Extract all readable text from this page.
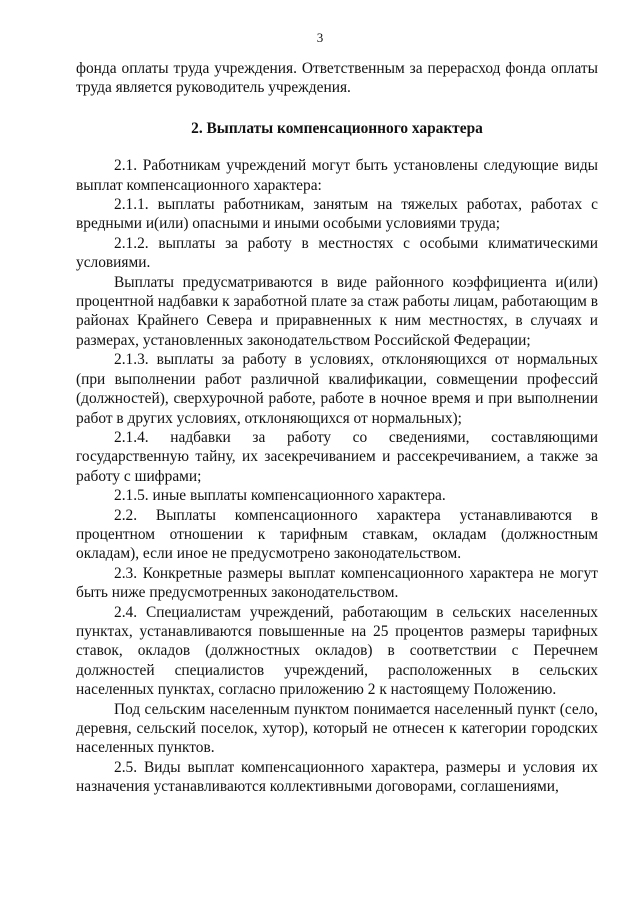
3

фонда оплаты труда учреждения. Ответственным за перерасход фонда оплаты труда является руководитель учреждения.

2. Выплаты компенсационного характера

2.1. Работникам учреждений могут быть установлены следующие виды выплат компенсационного характера:

2.1.1. выплаты работникам, занятым на тяжелых работах, работах с вредными и(или) опасными и иными особыми условиями труда;

2.1.2. выплаты за работу в местностях с особыми климатическими условиями.

Выплаты предусматриваются в виде районного коэффициента и(или) процентной надбавки к заработной плате за стаж работы лицам, работающим в районах Крайнего Севера и приравненных к ним местностях, в случаях и размерах, установленных законодательством Российской Федерации;

2.1.3. выплаты за работу в условиях, отклоняющихся от нормальных (при выполнении работ различной квалификации, совмещении профессий (должностей), сверхурочной работе, работе в ночное время и при выполнении работ в других условиях, отклоняющихся от нормальных);

2.1.4. надбавки за работу со сведениями, составляющими государственную тайну, их засекречиванием и рассекречиванием, а также за работу с шифрами;

2.1.5. иные выплаты компенсационного характера.

2.2. Выплаты компенсационного характера устанавливаются в процентном отношении к тарифным ставкам, окладам (должностным окладам), если иное не предусмотрено законодательством.

2.3. Конкретные размеры выплат компенсационного характера не могут быть ниже предусмотренных законодательством.

2.4. Специалистам учреждений, работающим в сельских населенных пунктах, устанавливаются повышенные на 25 процентов размеры тарифных ставок, окладов (должностных окладов) в соответствии с Перечнем должностей специалистов учреждений, расположенных в сельских населенных пунктах, согласно приложению 2 к настоящему Положению.

Под сельским населенным пунктом понимается населенный пункт (село, деревня, сельский поселок, хутор), который не отнесен к категории городских населенных пунктов.

2.5. Виды выплат компенсационного характера, размеры и условия их назначения устанавливаются коллективными договорами, соглашениями,
